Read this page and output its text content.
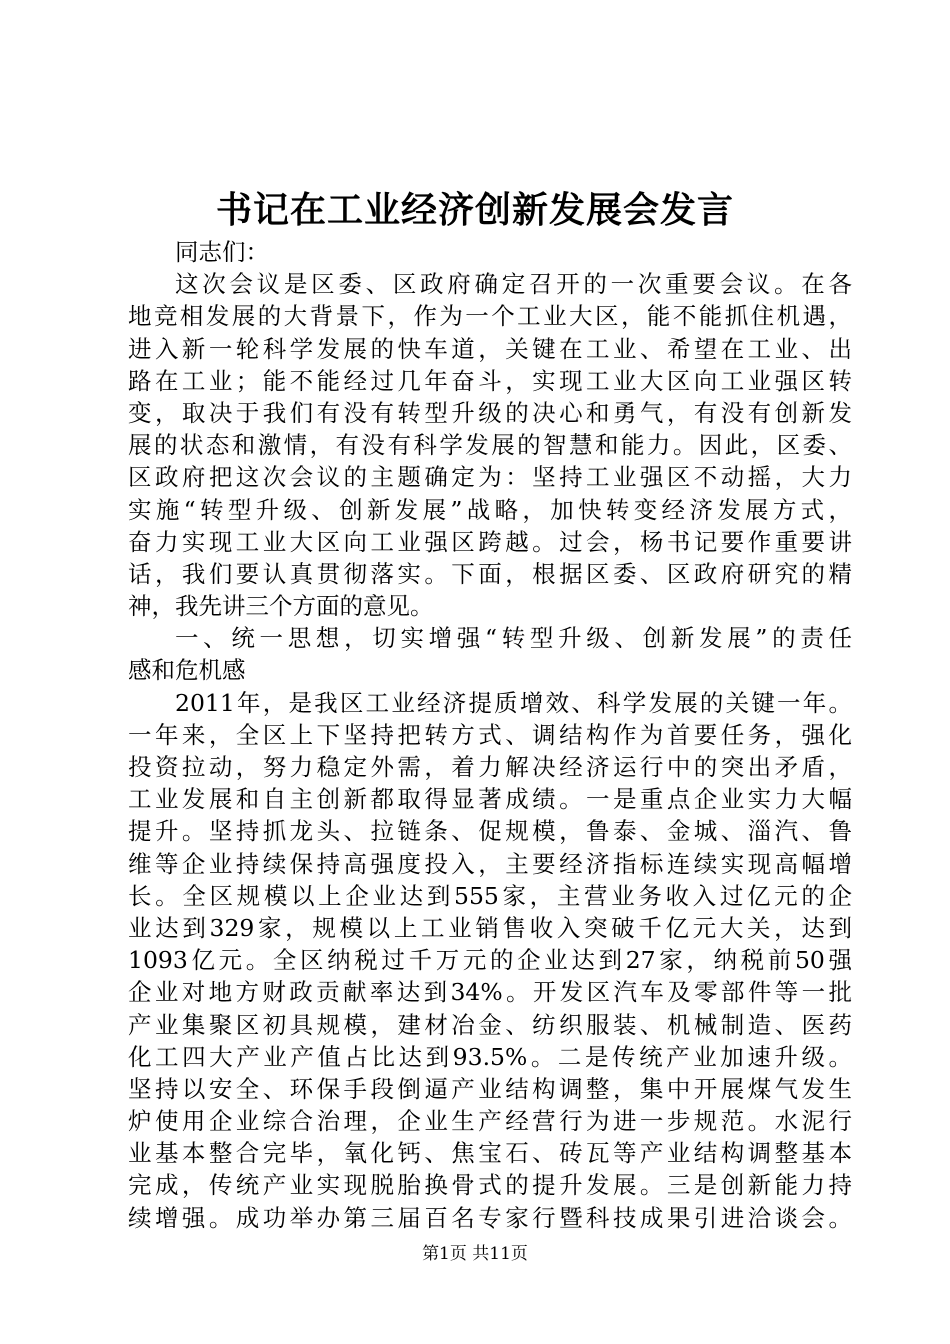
书记在工业经济创新发展会发言
同志们：
这次会议是区委、区政府确定召开的一次重要会议。在各
地竞相发展的大背景下，作为一个工业大区，能不能抓住机遇，
进入新一轮科学发展的快车道，关键在工业、希望在工业、出
路在工业；能不能经过几年奋斗，实现工业大区向工业强区转
变，取决于我们有没有转型升级的决心和勇气，有没有创新发
展的状态和激情，有没有科学发展的智慧和能力。因此，区委、
区政府把这次会议的主题确定为：坚持工业强区不动摇，大力
实施“转型升级、创新发展”战略，加快转变经济发展方式，
奋力实现工业大区向工业强区跨越。过会，杨书记要作重要讲
话，我们要认真贯彻落实。下面，根据区委、区政府研究的精
神，我先讲三个方面的意见。
一、统一思想，切实增强“转型升级、创新发展”的责任
感和危机感
2011年，是我区工业经济提质增效、科学发展的关键一年。
一年来，全区上下坚持把转方式、调结构作为首要任务，强化
投资拉动，努力稳定外需，着力解决经济运行中的突出矛盾，
工业发展和自主创新都取得显著成绩。一是重点企业实力大幅
提升。坚持抓龙头、拉链条、促规模，鲁泰、金城、淄汽、鲁
维等企业持续保持高强度投入，主要经济指标连续实现高幅增
长。全区规模以上企业达到555家，主营业务收入过亿元的企
业达到329家，规模以上工业销售收入突破千亿元大关，达到
1093亿元。全区纳税过千万元的企业达到27家，纳税前50强
企业对地方财政贡献率达到34%。开发区汽车及零部件等一批
产业集聚区初具规模，建材冶金、纺织服装、机械制造、医药
化工四大产业产值占比达到93.5%。二是传统产业加速升级。
坚持以安全、环保手段倒逼产业结构调整，集中开展煤气发生
炉使用企业综合治理，企业生产经营行为进一步规范。水泥行
业基本整合完毕，氧化钙、焦宝石、砖瓦等产业结构调整基本
完成，传统产业实现脱胎换骨式的提升发展。三是创新能力持
续增强。成功举办第三届百名专家行暨科技成果引进洽谈会。
第1页 共11页
